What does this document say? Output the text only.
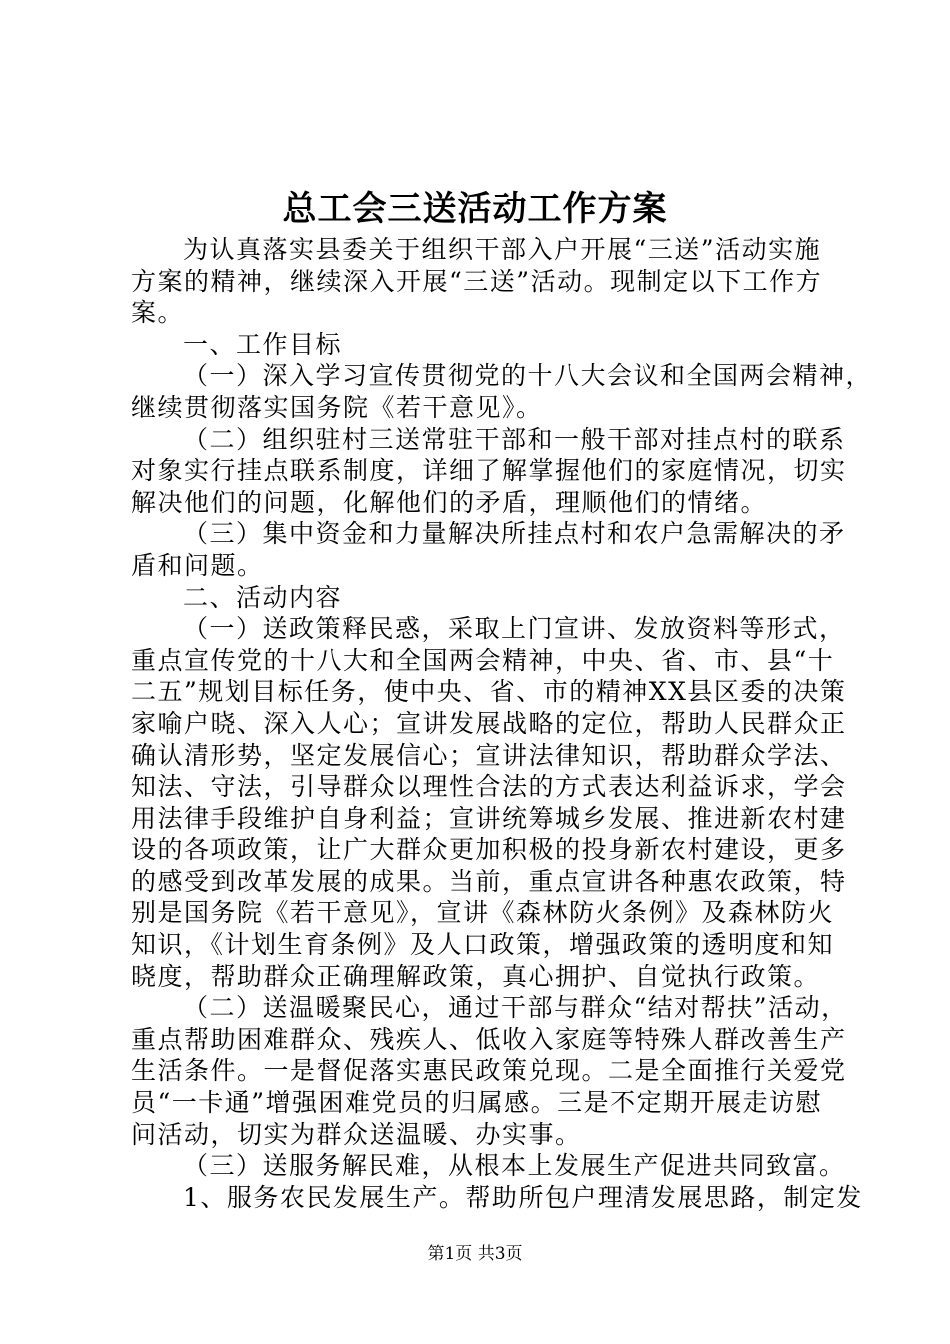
总工会三送活动工作方案
为认真落实县委关于组织干部入户开展“三送”活动实施
方案的精神，继续深入开展“三送”活动。现制定以下工作方
案。
一、工作目标
（一）深入学习宣传贯彻党的十八大会议和全国两会精神，
继续贯彻落实国务院《若干意见》。
（二）组织驻村三送常驻干部和一般干部对挂点村的联系
对象实行挂点联系制度，详细了解掌握他们的家庭情况，切实
解决他们的问题，化解他们的矛盾，理顺他们的情绪。
（三）集中资金和力量解决所挂点村和农户急需解决的矛
盾和问题。
二、活动内容
（一）送政策释民惑，采取上门宣讲、发放资料等形式，
重点宣传党的十八大和全国两会精神，中央、省、市、县“十
二五”规划目标任务，使中央、省、市的精神XX县区委的决策
家喻户晓、深入人心；宣讲发展战略的定位，帮助人民群众正
确认清形势，坚定发展信心；宣讲法律知识，帮助群众学法、
知法、守法，引导群众以理性合法的方式表达利益诉求，学会
用法律手段维护自身利益；宣讲统筹城乡发展、推进新农村建
设的各项政策，让广大群众更加积极的投身新农村建设，更多
的感受到改革发展的成果。当前，重点宣讲各种惠农政策，特
别是国务院《若干意见》，宣讲《森林防火条例》及森林防火
知识，《计划生育条例》及人口政策，增强政策的透明度和知
晓度，帮助群众正确理解政策，真心拥护、自觉执行政策。
（二）送温暖聚民心，通过干部与群众“结对帮扶”活动，
重点帮助困难群众、残疾人、低收入家庭等特殊人群改善生产
生活条件。一是督促落实惠民政策兑现。二是全面推行关爱党
员“一卡通”增强困难党员的归属感。三是不定期开展走访慰
问活动，切实为群众送温暖、办实事。
（三）送服务解民难，从根本上发展生产促进共同致富。
1、服务农民发展生产。帮助所包户理清发展思路，制定发
第1页 共3页
